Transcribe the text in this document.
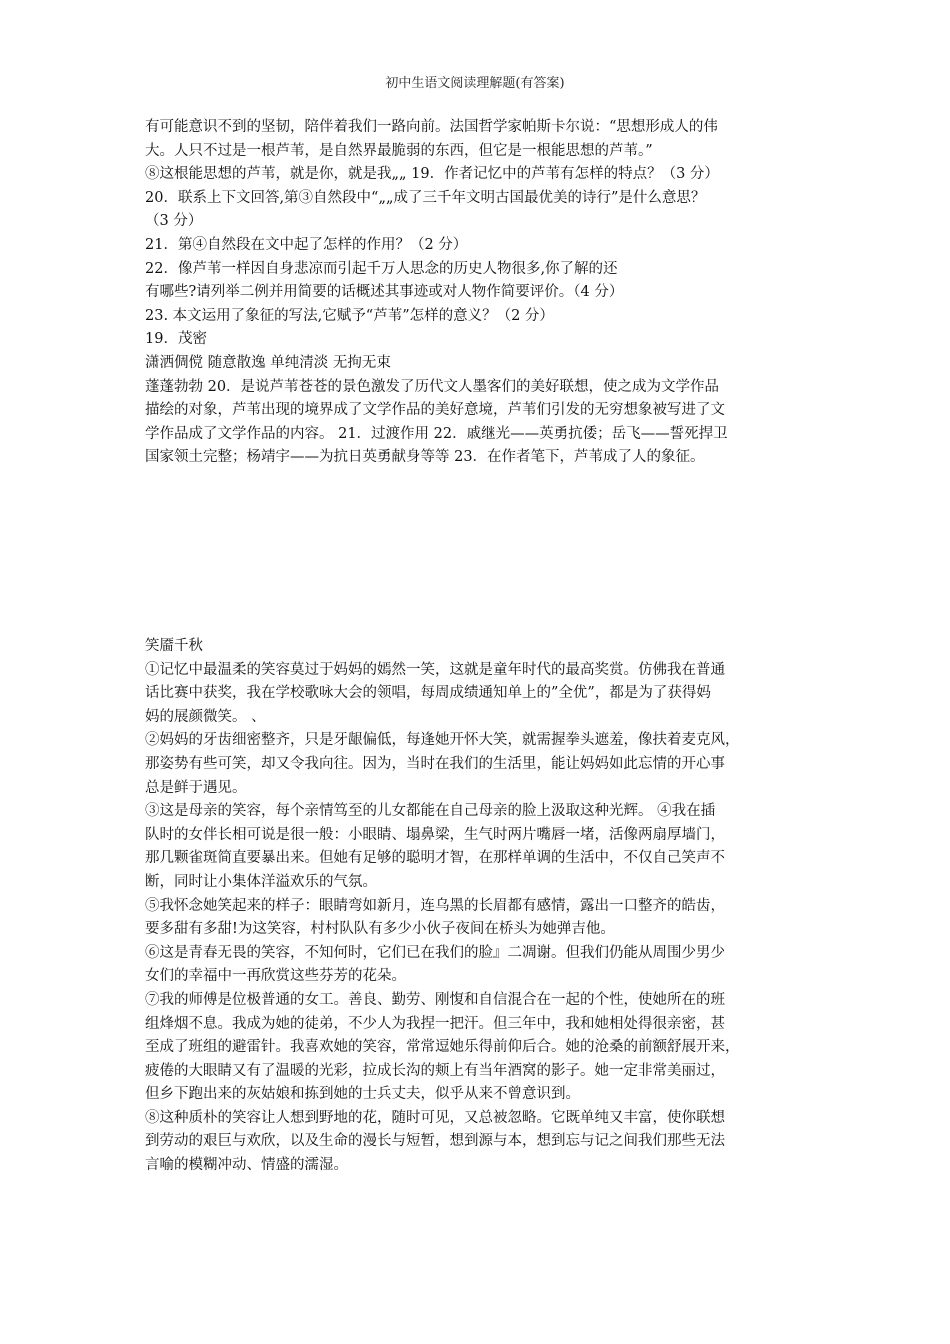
初中生语文阅读理解题(有答案)

有可能意识不到的坚韧，陪伴着我们一路向前。法国哲学家帕斯卡尔说：“思想形成人的伟

大。人只不过是一根芦苇，是自然界最脆弱的东西，但它是一根能思想的芦苇。”

⑧这根能思想的芦苇，就是你，就是我„„ 19．作者记忆中的芦苇有怎样的特点？（3 分）

20．联系上下文回答,第③自然段中“„„成了三千年文明古国最优美的诗行”是什么意思？

（3 分）

21．第④自然段在文中起了怎样的作用？（2 分）

22．像芦苇一样因自身悲凉而引起千万人思念的历史人物很多,你了解的还

有哪些?请列举二例并用简要的话概述其事迹或对人物作简要评价。（4 分）

23. 本文运用了象征的写法,它赋予“芦苇”怎样的意义？（2 分）

19．茂密

潇洒倜傥 随意散逸 单纯清淡 无拘无束

蓬蓬勃勃 20．是说芦苇苍苍的景色激发了历代文人墨客们的美好联想，使之成为文学作品

描绘的对象，芦苇出现的境界成了文学作品的美好意境，芦苇们引发的无穷想象被写进了文

学作品成了文学作品的内容。 21．过渡作用 22．戚继光——英勇抗倭；岳飞——誓死捍卫

国家领土完整；杨靖宇——为抗日英勇献身等等 23．在作者笔下，芦苇成了人的象征。

笑靥千秋

①记忆中最温柔的笑容莫过于妈妈的嫣然一笑，这就是童年时代的最高奖赏。仿佛我在普通

话比赛中获奖，我在学校歌咏大会的领唱，每周成绩通知单上的”全优”，都是为了获得妈

妈的展颜微笑。 、

②妈妈的牙齿细密整齐，只是牙龈偏低，每逢她开怀大笑，就需握拳头遮羞，像扶着麦克风，

那姿势有些可笑，却又令我向往。因为，当时在我们的生活里，能让妈妈如此忘情的开心事

总是鲜于遇见。

③这是母亲的笑容，每个亲情笃至的儿女都能在自己母亲的脸上汲取这种光辉。 ④我在插

队时的女伴长相可说是很一般：小眼睛、塌鼻梁，生气时两片嘴唇一堵，活像两扇厚墙门，

那几颗雀斑简直要暴出来。但她有足够的聪明才智，在那样单调的生活中，不仅自己笑声不

断，同时让小集体洋溢欢乐的气氛。

⑤我怀念她笑起来的样子：眼睛弯如新月，连乌黑的长眉都有感情，露出一口整齐的皓齿，

要多甜有多甜!为这笑容，村村队队有多少小伙子夜间在桥头为她弹吉他。

⑥这是青春无畏的笑容，不知何时，它们已在我们的脸』二凋谢。但我们仍能从周围少男少

女们的幸福中一再欣赏这些芬芳的花朵。

⑦我的师傅是位极普通的女工。善良、勤劳、刚愎和自信混合在一起的个性，使她所在的班

组烽烟不息。我成为她的徒弟，不少人为我捏一把汗。但三年中，我和她相处得很亲密，甚

至成了班组的避雷针。我喜欢她的笑容，常常逗她乐得前仰后合。她的沧桑的前额舒展开来，

疲倦的大眼睛又有了温暖的光彩，拉成长沟的颊上有当年酒窝的影子。她一定非常美丽过，

但乡下跑出来的灰姑娘和拣到她的士兵丈夫，似乎从来不曾意识到。

⑧这种质朴的笑容让人想到野地的花，随时可见，又总被忽略。它既单纯又丰富，使你联想

到劳动的艰巨与欢欣，以及生命的漫长与短暂，想到源与本，想到忘与记之间我们那些无法

言喻的模糊冲动、情盛的濡湿。
